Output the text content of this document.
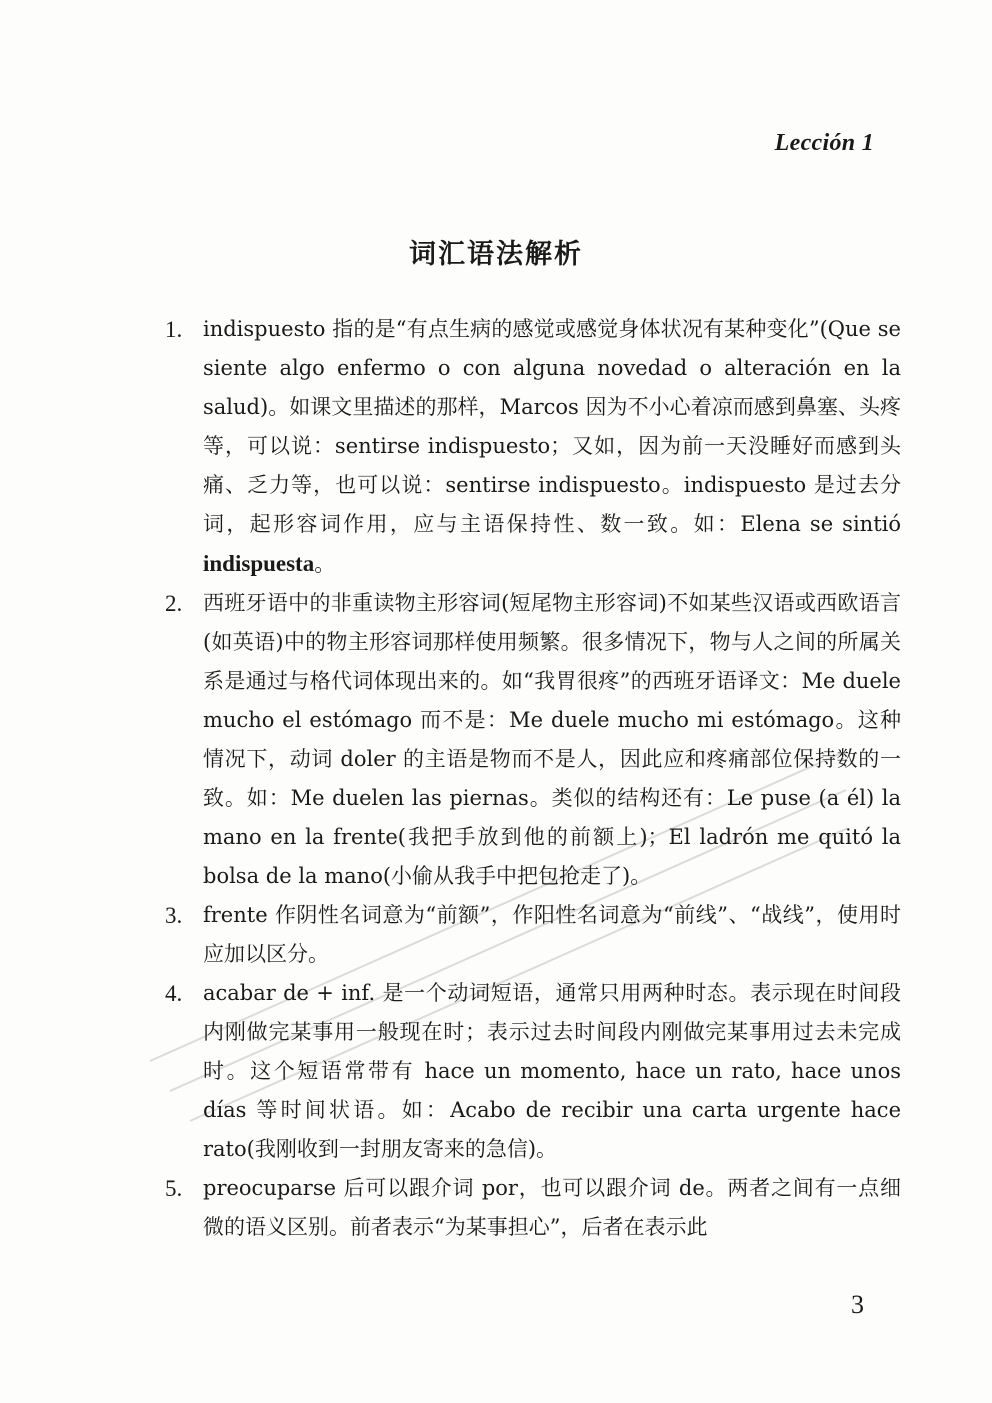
Lección 1
词汇语法解析
1. indispuesto 指的是“有点生病的感觉或感觉身体状况有某种变化”(Que se siente algo enfermo o con alguna novedad o alteración en la salud)。如课文里描述的那样，Marcos 因为不小心着凉而感到鼻塞、头疼等，可以说：sentirse indispuesto；又如，因为前一天没睡好而感到头痛、乏力等，也可以说：sentirse indispuesto。indispuesto 是过去分词，起形容词作用，应与主语保持性、数一致。如：Elena se sintió indispuesta。
2. 西班牙语中的非重读物主形容词(短尾物主形容词)不如某些汉语或西欧语言(如英语)中的物主形容词那样使用频繁。很多情况下，物与人之间的所属关系是通过与格代词体现出来的。如“我胃很疼”的西班牙语译文：Me duele mucho el estómago 而不是：Me duele mucho mi estómago。这种情况下，动词 doler 的主语是物而不是人，因此应和疼痛部位保持数的一致。如：Me duelen las piernas。类似的结构还有：Le puse (a él) la mano en la frente(我把手放到他的前额上)；El ladrón me quitó la bolsa de la mano(小偷从我手中把包抢走了)。
3. frente 作阴性名词意为“前额”，作阳性名词意为“前线”、“战线”，使用时应加以区分。
4. acabar de + inf. 是一个动词短语，通常只用两种时态。表示现在时间段内刚做完某事用一般现在时；表示过去时间段内刚做完某事用过去未完成时。这个短语常带有 hace un momento, hace un rato, hace unos días 等时间状语。如：Acabo de recibir una carta urgente hace rato(我刚收到一封朋友寄来的急信)。
5. preocuparse 后可以跟介词 por，也可以跟介词 de。两者之间有一点细微的语义区别。前者表示“为某事担心”，后者在表示此
3
